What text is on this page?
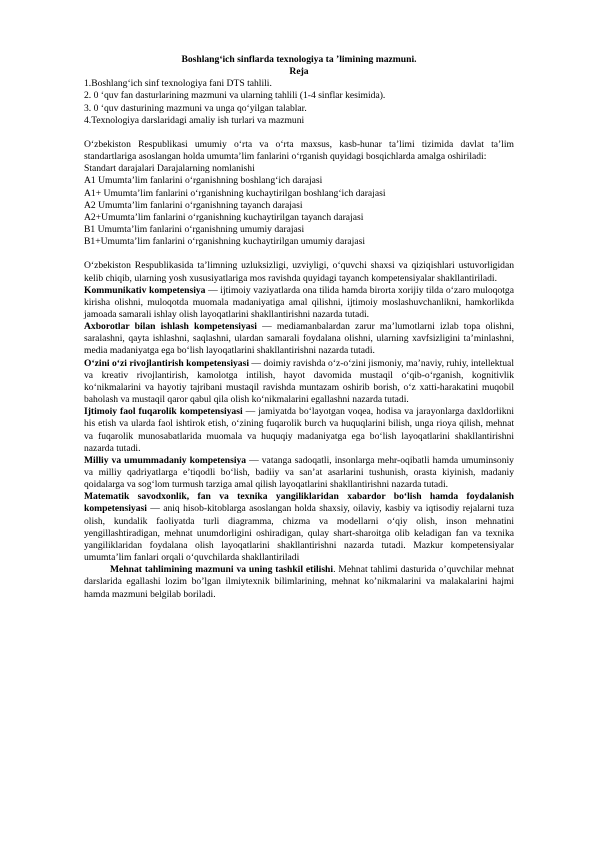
Boshlang‘ich sinflarda texnologiya ta ’limining mazmuni.
Reja
1.Boshlang‘ich sinf texnologiya fani DTS tahlili.
2. 0 ‘quv fan dasturlarining mazmuni va ularning tahlili (1-4 sinflar kesimida).
3. 0 ‘quv dasturining mazmuni va unga qo‘yilgan talablar.
4.Texnologiya darslaridagi amaliy ish turlari va mazmuni

O‘zbekiston Respublikasi umumiy o‘rta va o‘rta maxsus, kasb-hunar ta’limi tizimida davlat ta’lim standartlariga asoslangan holda umumta’lim fanlarini o‘rganish quyidagi bosqichlarda amalga oshiriladi:

Standart darajalari Darajalarning nomlanishi
A1 Umumta’lim fanlarini o‘rganishning boshlang‘ich darajasi
A1+ Umumta’lim fanlarini o‘rganishning kuchaytirilgan boshlang‘ich darajasi
A2 Umumta’lim fanlarini o‘rganishning tayanch darajasi
A2+Umumta’lim fanlarini o‘rganishning kuchaytirilgan tayanch darajasi
B1 Umumta’lim fanlarini o‘rganishning umumiy darajasi
B1+Umumta’lim fanlarini o‘rganishning kuchaytirilgan umumiy darajasi

O‘zbekiston Respublikasida ta’limning uzluksizligi, uzviyligi, o‘quvchi shaxsi va qiziqishlari ustuvorligidan kelib chiqib, ularning yosh xususiyatlariga mos ravishda quyidagi tayanch kompetensiyalar shakllantiriladi.

Kommunikativ kompetensiya — ijtimoiy vaziyatlarda ona tilida hamda birorta xorijiy tilda o‘zaro muloqotga kirisha olishni, muloqotda muomala madaniyatiga amal qilishni, ijtimoiy moslashuvchanlikni, hamkorlikda jamoada samarali ishlay olish layoqatlarini shakllantirishni nazarda tutadi.

Axborotlar bilan ishlash kompetensiyasi — mediamanbalardan zarur ma’lumotlarni izlab topa olishni, saralashni, qayta ishlashni, saqlashni, ulardan samarali foydalana olishni, ularning xavfsizligini ta’minlashni, media madaniyatga ega bo‘lish layoqatlarini shakllantirishni nazarda tutadi.

O‘zini o‘zi rivojlantirish kompetensiyasi — doimiy ravishda o‘z-o‘zini jismoniy, ma’naviy, ruhiy, intellektual va kreativ rivojlantirish, kamolotga intilish, hayot davomida mustaqil o‘qib-o‘rganish, kognitivlik ko‘nikmalarini va hayotiy tajribani mustaqil ravishda muntazam oshirib borish, o‘z xatti-harakatini muqobil baholash va mustaqil qaror qabul qila olish ko‘nikmalarini egallashni nazarda tutadi.

Ijtimoiy faol fuqarolik kompetensiyasi — jamiyatda bo‘layotgan voqea, hodisa va jarayonlarga daxldorlikni his etish va ularda faol ishtirok etish, o‘zining fuqarolik burch va huquqlarini bilish, unga rioya qilish, mehnat va fuqarolik munosabatlarida muomala va huquqiy madaniyatga ega bo‘lish layoqatlarini shakllantirishni nazarda tutadi.

Milliy va umummadaniy kompetensiya — vatanga sadoqatli, insonlarga mehr-oqibatli hamda umuminsoniy va milliy qadriyatlarga e’tiqodli bo‘lish, badiiy va san’at asarlarini tushunish, orasta kiyinish, madaniy qoidalarga va sog‘lom turmush tarziga amal qilish layoqatlarini shakllantirishni nazarda tutadi.

Matematik savodxonlik, fan va texnika yangiliklaridan xabardor bo‘lish hamda foydalanish kompetensiyasi — aniq hisob-kitoblarga asoslangan holda shaxsiy, oilaviy, kasbiy va iqtisodiy rejalarni tuza olish, kundalik faoliyatda turli diagramma, chizma va modellarni o‘qiy olish, inson mehnatini yengillashtiradigan, mehnat unumdorligini oshiradigan, qulay shart-sharoitga olib keladigan fan va texnika yangiliklaridan foydalana olish layoqatlarini shakllantirishni nazarda tutadi. Mazkur kompetensiyalar umumta’lim fanlari orqali o‘quvchilarda shakllantiriladi

Mehnat tahlimining mazmuni va uning tashkil etilishi. Mehnat tahlimi dasturida o’quvchilar mehnat darslarida egallashi lozim bo’lgan ilmiytexnik bilimlarining, mehnat ko’nikmalarini va malakalarini hajmi hamda mazmuni belgilab boriladi.
